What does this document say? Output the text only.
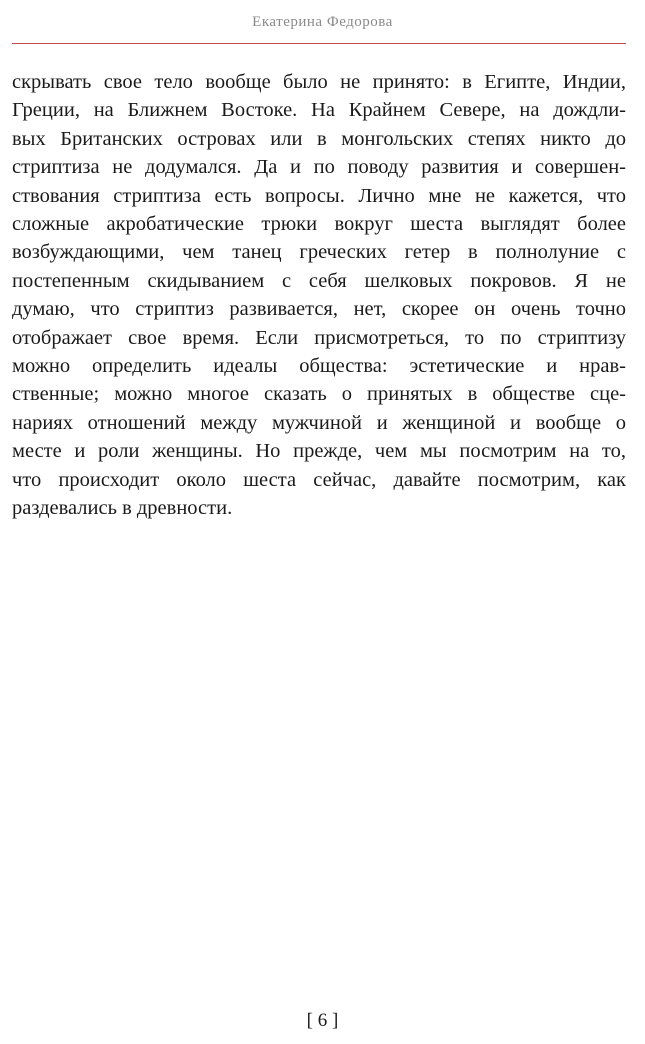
Екатерина Федорова
скрывать свое тело вообще было не принято: в Египте, Индии,
Греции, на Ближнем Востоке. На Крайнем Севере, на дождли-
вых Британских островах или в монгольских степях никто до
стриптиза не додумался. Да и по поводу развития и совершен-
ствования стриптиза есть вопросы. Лично мне не кажется, что
сложные акробатические трюки вокруг шеста выглядят более
возбуждающими, чем танец греческих гетер в полнолуние с
постепенным скидыванием с себя шелковых покровов. Я не
думаю, что стриптиз развивается, нет, скорее он очень точно
отображает свое время. Если присмотреться, то по стриптизу
можно определить идеалы общества: эстетические и нрав-
ственные; можно многое сказать о принятых в обществе сце-
нариях отношений между мужчиной и женщиной и вообще о
месте и роли женщины. Но прежде, чем мы посмотрим на то,
что происходит около шеста сейчас, давайте посмотрим, как
раздевались в древности.
[ 6 ]
